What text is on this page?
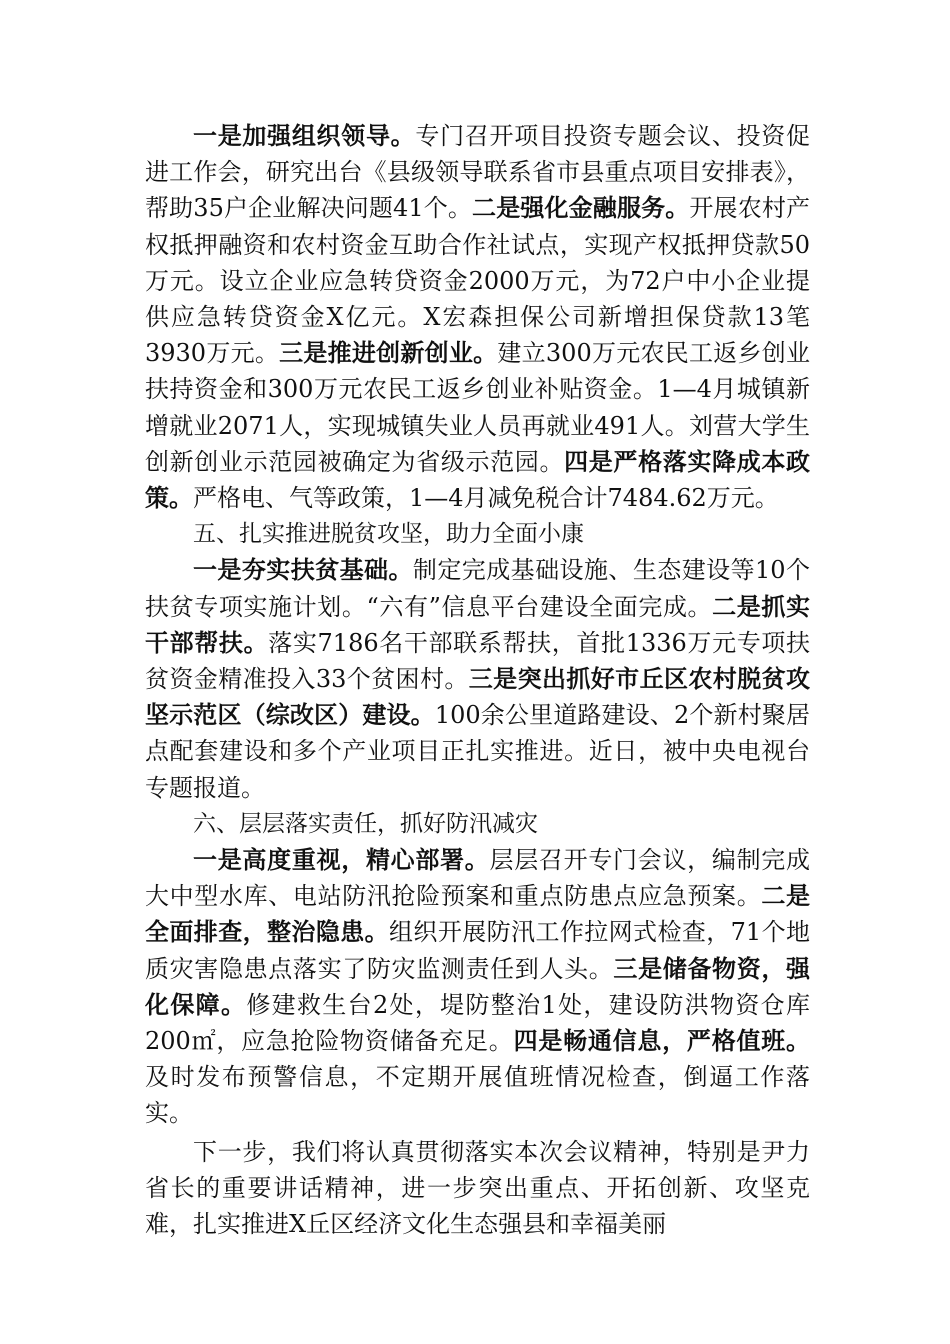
一是加强组织领导。专门召开项目投资专题会议、投资促进工作会，研究出台《县级领导联系省市县重点项目安排表》，帮助35户企业解决问题41个。二是强化金融服务。开展农村产权抵押融资和农村资金互助合作社试点，实现产权抵押贷款50万元。设立企业应急转贷资金2000万元，为72户中小企业提供应急转贷资金X亿元。X宏森担保公司新增担保贷款13笔3930万元。三是推进创新创业。建立300万元农民工返乡创业扶持资金和300万元农民工返乡创业补贴资金。1—4月城镇新增就业2071人，实现城镇失业人员再就业491人。刘营大学生创新创业示范园被确定为省级示范园。四是严格落实降成本政策。严格电、气等政策，1—4月减免税合计7484.62万元。

五、扎实推进脱贫攻坚，助力全面小康

一是夯实扶贫基础。制定完成基础设施、生态建设等10个扶贫专项实施计划。“六有”信息平台建设全面完成。二是抓实干部帮扶。落实7186名干部联系帮扶，首批1336万元专项扶贫资金精准投入33个贫困村。三是突出抓好市丘区农村脱贫攻坚示范区（综改区）建设。100余公里道路建设、2个新村聚居点配套建设和多个产业项目正扎实推进。近日，被中央电视台专题报道。

六、层层落实责任，抓好防汛减灾

一是高度重视，精心部署。层层召开专门会议，编制完成大中型水库、电站防汛抢险预案和重点防患点应急预案。二是全面排查，整治隐患。组织开展防汛工作拉网式检查，71个地质灾害隐患点落实了防灾监测责任到人头。三是储备物资，强化保障。修建救生台2处，堤防整治1处，建设防洪物资仓库200㎡，应急抢险物资储备充足。四是畅通信息，严格值班。及时发布预警信息，不定期开展值班情况检查，倒逼工作落实。

下一步，我们将认真贯彻落实本次会议精神，特别是尹力省长的重要讲话精神，进一步突出重点、开拓创新、攻坚克难，扎实推进X丘区经济文化生态强县和幸福美丽
